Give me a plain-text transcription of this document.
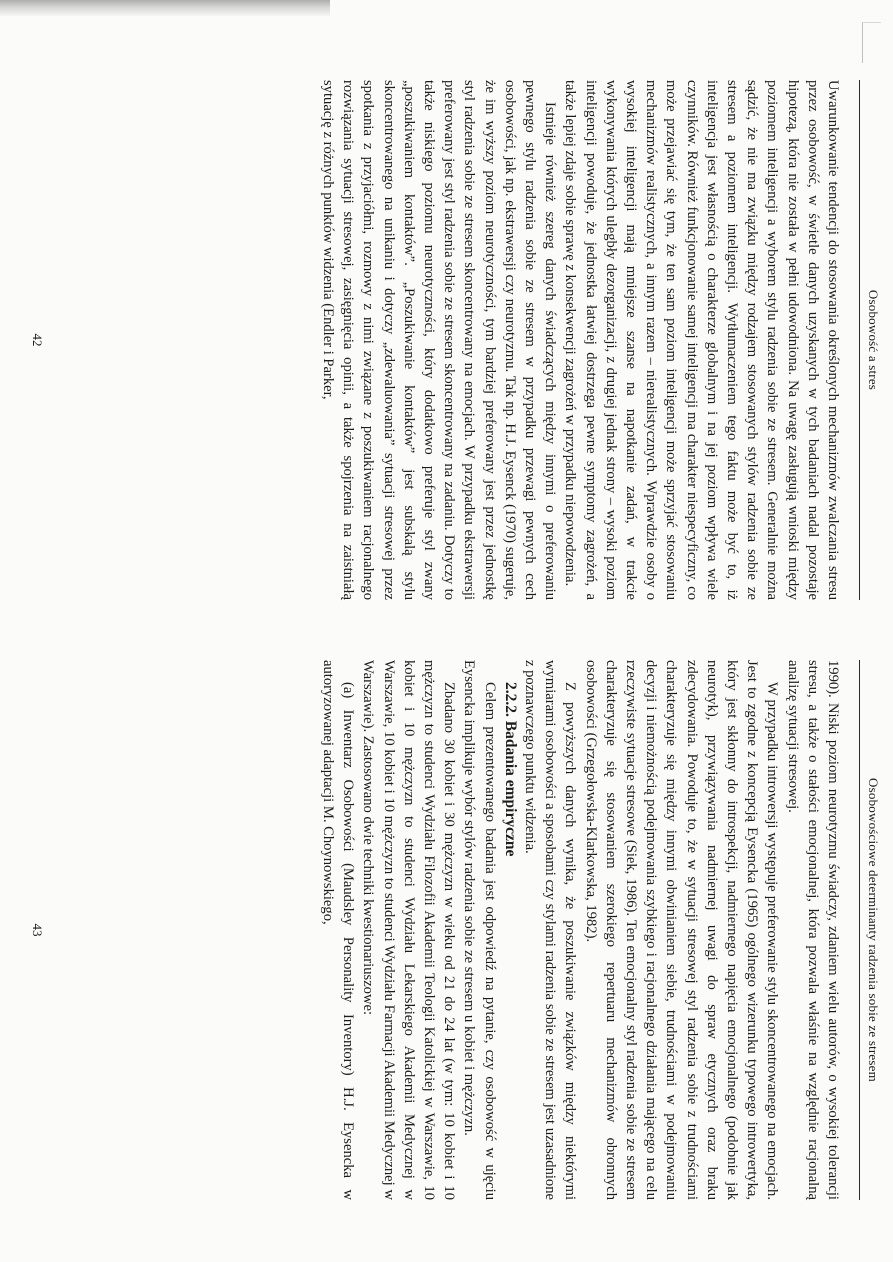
Osobowość a stres

Uwarunkowanie tendencji do stosowania określonych mechanizmów zwalczania stresu przez osobowość, w świetle danych uzyskanych w tych badaniach nadal pozostaje hipotezą, która nie została w pełni udowodniona. Na uwagę zasługują wnioski między poziomem inteligencji a wyborem stylu radzenia sobie ze stresem. Generalnie można sądzić, że nie ma związku między rodzajem stosowanych stylów radzenia sobie ze stresem a poziomem inteligencji. Wytłumaczeniem tego faktu może być to, iż inteligencja jest własnością o charakterze globalnym i na jej poziom wpływa wiele czynników. Również funkcjonowanie samej inteligencji ma charakter niespecyficzny, co może przejawiać się tym, że ten sam poziom inteligencji może sprzyjać stosowaniu mechanizmów realistycznych, a innym razem – nierealistycznych. Wprawdzie osoby o wysokiej inteligencji mają mniejsze szanse na napotkanie zadań, w trakcie wykonywania których ulegbły dezorganizacji, z drugiej jednak strony – wysoki poziom inteligencji powoduje, że jednostka łatwiej dostrzega pewne symptomy zagrożeń, a także lepiej zdaje sobie sprawę z konsekwencji zagrożeń w przypadku niepowodzenia.

Istnieje również szereg danych świadczących między innymi o preferowaniu pewnego stylu radzenia sobie ze stresem w przypadku przewagi pewnych cech osobowości, jak np. ekstrawersji czy neurotyzmu. Tak np. H.J. Eysenck (1970) sugeruje, że im wyższy poziom neurotyczności, tym bardziej preferowany jest przez jednostkę styl radzenia sobie ze stresem skoncentrowany na emocjach. W przypadku ekstrawersji preferowany jest styl radzenia sobie ze stresem skoncentrowany na zadaniu. Dotyczy to także niskiego poziomu neurotyczności, który dodatkowo preferuje styl zwany „poszukiwaniem kontaktów”. „Poszukiwanie kontaktów” jest subskalą stylu skoncentrowanego na unikaniu i dotyczy „zdewaluowania” sytuacji stresowej przez spotkania z przyjaciółmi, rozmowy z nimi związane z poszukiwaniem racjonalnego rozwiązania sytuacji stresowej, zasięgnięcia opinii, a także spojrzenia na zaistniałą sytuację z różnych punktów widzenia (Endler i Parker,

42
Osobowościowe determinanty radzenia sobie ze stresem

1990). Niski poziom neurotyzmu świadczy, zdaniem wielu autorów, o wysokiej tolerancji stresu, a także o stałości emocjonalnej, która pozwala właśnie na względnie racjonalną analizę sytuacji stresowej.

W przypadku introwersji występuje preferowanie stylu skoncentrowanego na emocjach. Jest to zgodne z koncepcją Eysencka (1965) ogólnego wizerunku typowego introwertyka, który jest skłonny do introspekcji, nadmiernego napięcia emocjonalnego (podobnie jak neurotyk), przywiązywania nadmiernej uwagi do spraw etycznych oraz braku zdecydowania. Powoduje to, że w sytuacji stresowej styl radzenia sobie z trudnościami charakteryzuje się między innymi obwinianiem siebie, trudnościami w podejmowaniu decyzji i niemożnością podejmowania szybkiego i racjonalnego działania mającego na celu rzeczywiste sytuacje stresowe (Siek, 1986). Ten emocjonalny styl radzenia sobie ze stresem charakteryzuje się stosowaniem szerokiego repertuaru mechanizmów obronnych osobowości (Grzegołowska-Klarkowska, 1982).

Z powyższych danych wynika, że poszukiwanie związków między niektórymi wymiarami osobowości a sposobami czy stylami radzenia sobie ze stresem jest uzasadnione z poznawczego punktu widzenia.

2.2.2. Badania empiryczne

Celem prezentowanego badania jest odpowiedź na pytanie, czy osobowość w ujęciu Eysencka implikuje wybór stylów radzenia sobie ze stresem u kobiet i mężczyzn.

Zbadano 30 kobiet i 30 mężczyzn w wieku od 21 do 24 lat (w tym: 10 kobiet i 10 mężczyzn to studenci Wydziału Filozofii Akademii Teologii Katolickiej w Warszawie, 10 kobiet i 10 mężczyzn to studenci Wydziału Lekarskiego Akademii Medycznej w Warszawie, 10 kobiet i 10 mężczyzn to studenci Wydziału Farmacji Akademii Medycznej w Warszawie). Zastosowano dwie techniki kwestionariuszowe:

(a) Inwentarz Osobowości (Maudsley Personality Inventory) H.J. Eysencka w autoryzowanej adaptacji M. Choynowskiego,

43
